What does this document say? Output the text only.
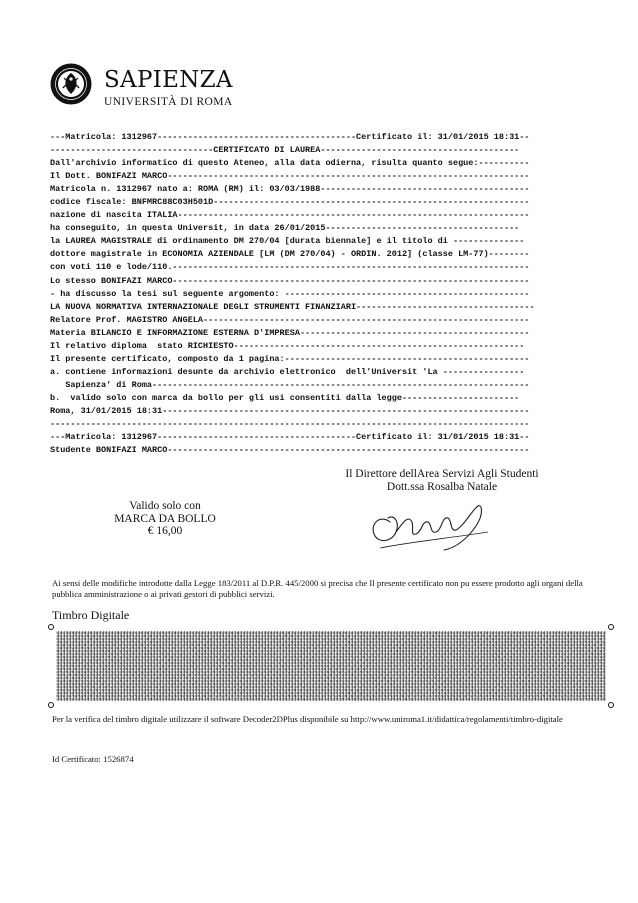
SAPIENZA
UNIVERSITÀ DI ROMA
---Matricola: 1312967---------------------------------------Certificato il: 31/01/2015 18:31--
--------------------------------CERTIFICATO DI LAUREA---------------------------------------
Dall'archivio informatico di questo Ateneo, alla data odierna, risulta quanto segue:----------
Il Dott. BONIFAZI MARCO-----------------------------------------------------------------------
Matricola n. 1312967 nato a: ROMA (RM) il: 03/03/1988-----------------------------------------
codice fiscale: BNFMRC88C03H501D--------------------------------------------------------------
nazione di nascita ITALIA---------------------------------------------------------------------
ha conseguito, in questa Universit, in data 26/01/2015--------------------------------------
la LAUREA MAGISTRALE di ordinamento DM 270/04 [durata biennale] e il titolo di --------------
dottore magistrale in ECONOMIA AZIENDALE [LM (DM 270/04) - ORDIN. 2012] (classe LM-77)--------
con voti 110 e lode/110.----------------------------------------------------------------------
Lo stesso BONIFAZI MARCO----------------------------------------------------------------------
- ha discusso la tesi sul seguente argomento: ------------------------------------------------
LA NUOVA NORMATIVA INTERNAZIONALE DEGLI STRUMENTI FINANZIARI-----------------------------------
Relatore Prof. MAGISTRO ANGELA----------------------------------------------------------------
Materia BILANCIO E INFORMAZIONE ESTERNA D'IMPRESA---------------------------------------------
Il relativo diploma  stato RICHIESTO---------------------------------------------------------
Il presente certificato, composto da 1 pagina:------------------------------------------------
a. contiene informazioni desunte da archivio elettronico  dell'Universit 'La ----------------
Sapienza' di Roma--------------------------------------------------------------------------
b.  valido solo con marca da bollo per gli usi consentiti dalla legge-----------------------
Roma, 31/01/2015 18:31------------------------------------------------------------------------
----------------------------------------------------------------------------------------------
---Matricola: 1312967---------------------------------------Certificato il: 31/01/2015 18:31--
Studente BONIFAZI MARCO-----------------------------------------------------------------------
Il Direttore dellArea Servizi Agli Studenti
Dott.ssa Rosalba Natale
Valido solo con
MARCA DA BOLLO
€ 16,00
Ai sensi delle modifiche introdotte dalla Legge 183/2011 al D.P.R. 445/2000 si precisa che Il presente certificato non pu essere prodotto agli organi della pubblica amministrazione o ai privati gestori di pubblici servizi.
Timbro Digitale
Per la verifica del timbro digitale utilizzare il software Decoder2DPlus disponibile su http://www.uniroma1.it/didattica/regolamenti/timbro-digitale
Id Certificato: 1526874
